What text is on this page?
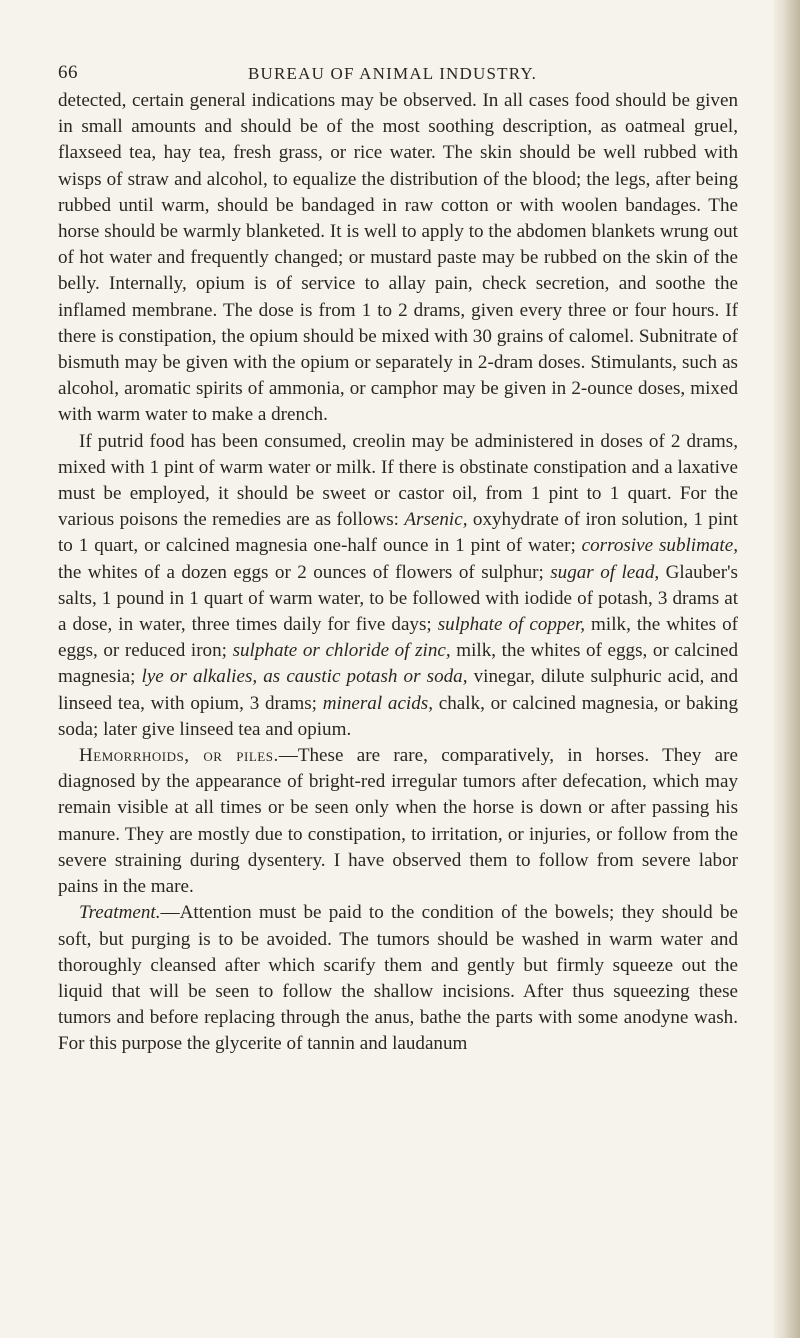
66	BUREAU OF ANIMAL INDUSTRY.

detected, certain general indications may be observed. In all cases food should be given in small amounts and should be of the most soothing description, as oatmeal gruel, flaxseed tea, hay tea, fresh grass, or rice water. The skin should be well rubbed with wisps of straw and alcohol, to equalize the distribution of the blood; the legs, after being rubbed until warm, should be bandaged in raw cotton or with woolen bandages. The horse should be warmly blanketed. It is well to apply to the abdomen blankets wrung out of hot water and frequently changed; or mustard paste may be rubbed on the skin of the belly. Internally, opium is of service to allay pain, check secretion, and soothe the inflamed membrane. The dose is from 1 to 2 drams, given every three or four hours. If there is constipation, the opium should be mixed with 30 grains of calomel. Subnitrate of bismuth may be given with the opium or separately in 2-dram doses. Stimulants, such as alcohol, aromatic spirits of ammonia, or camphor may be given in 2-ounce doses, mixed with warm water to make a drench.

If putrid food has been consumed, creolin may be administered in doses of 2 drams, mixed with 1 pint of warm water or milk. If there is obstinate constipation and a laxative must be employed, it should be sweet or castor oil, from 1 pint to 1 quart. For the various poisons the remedies are as follows: Arsenic, oxyhydrate of iron solution, 1 pint to 1 quart, or calcined magnesia one-half ounce in 1 pint of water; corrosive sublimate, the whites of a dozen eggs or 2 ounces of flowers of sulphur; sugar of lead, Glauber's salts, 1 pound in 1 quart of warm water, to be followed with iodide of potash, 3 drams at a dose, in water, three times daily for five days; sulphate of copper, milk, the whites of eggs, or reduced iron; sulphate or chloride of zinc, milk, the whites of eggs, or calcined magnesia; lye or alkalies, as caustic potash or soda, vinegar, dilute sulphuric acid, and linseed tea, with opium, 3 drams; mineral acids, chalk, or calcined magnesia, or baking soda; later give linseed tea and opium.

Hemorrhoids, or piles.—These are rare, comparatively, in horses. They are diagnosed by the appearance of bright-red irregular tumors after defecation, which may remain visible at all times or be seen only when the horse is down or after passing his manure. They are mostly due to constipation, to irritation, or injuries, or follow from the severe straining during dysentery. I have observed them to follow from severe labor pains in the mare.

Treatment.—Attention must be paid to the condition of the bowels; they should be soft, but purging is to be avoided. The tumors should be washed in warm water and thoroughly cleansed after which scarify them and gently but firmly squeeze out the liquid that will be seen to follow the shallow incisions. After thus squeezing these tumors and before replacing through the anus, bathe the parts with some anodyne wash. For this purpose the glycerite of tannin and laudanum
